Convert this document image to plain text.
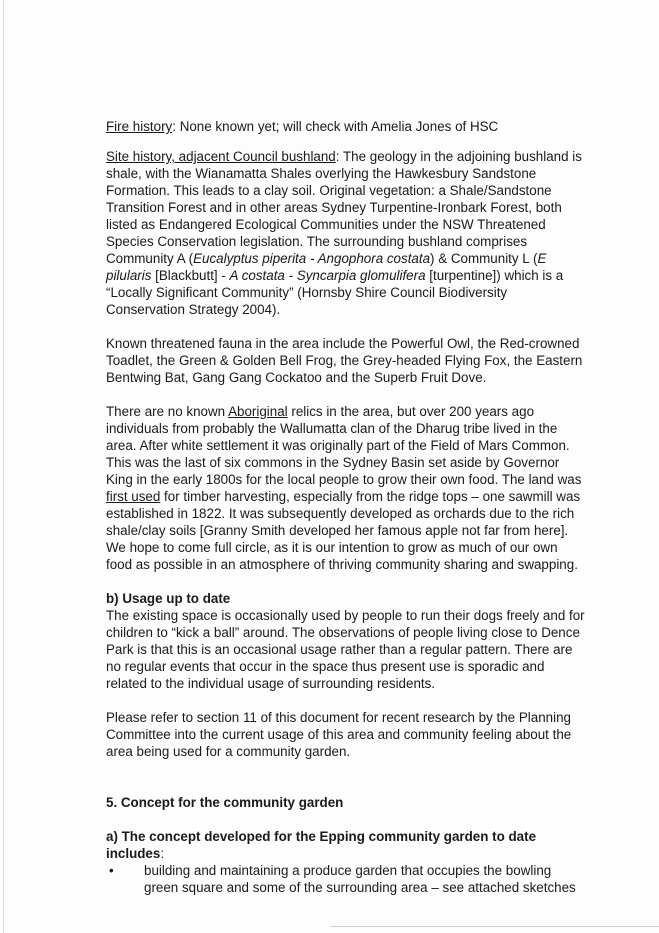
Fire history: None known yet; will check with Amelia Jones of HSC

Site history, adjacent Council bushland: The geology in the adjoining bushland is shale, with the Wianamatta Shales overlying the Hawkesbury Sandstone Formation. This leads to a clay soil. Original vegetation: a Shale/Sandstone Transition Forest and in other areas Sydney Turpentine-Ironbark Forest, both listed as Endangered Ecological Communities under the NSW Threatened Species Conservation legislation. The surrounding bushland comprises Community A (Eucalyptus piperita - Angophora costata) & Community L (E pilularis [Blackbutt] - A costata - Syncarpia glomulifera [turpentine]) which is a “Locally Significant Community” (Hornsby Shire Council Biodiversity Conservation Strategy 2004).

Known threatened fauna in the area include the Powerful Owl, the Red-crowned Toadlet, the Green & Golden Bell Frog, the Grey-headed Flying Fox, the Eastern Bentwing Bat, Gang Gang Cockatoo and the Superb Fruit Dove.

There are no known Aboriginal relics in the area, but over 200 years ago individuals from probably the Wallumatta clan of the Dharug tribe lived in the area. After white settlement it was originally part of the Field of Mars Common. This was the last of six commons in the Sydney Basin set aside by Governor King in the early 1800s for the local people to grow their own food. The land was first used for timber harvesting, especially from the ridge tops – one sawmill was established in 1822. It was subsequently developed as orchards due to the rich shale/clay soils [Granny Smith developed her famous apple not far from here]. We hope to come full circle, as it is our intention to grow as much of our own food as possible in an atmosphere of thriving community sharing and swapping.

b) Usage up to date

The existing space is occasionally used by people to run their dogs freely and for children to “kick a ball” around. The observations of people living close to Dence Park is that this is an occasional usage rather than a regular pattern. There are no regular events that occur in the space thus present use is sporadic and related to the individual usage of surrounding residents.

Please refer to section 11 of this document for recent research by the Planning Committee into the current usage of this area and community feeling about the area being used for a community garden.

5. Concept for the community garden

a) The concept developed for the Epping community garden to date includes:

• building and maintaining a produce garden that occupies the bowling green square and some of the surrounding area – see attached sketches
